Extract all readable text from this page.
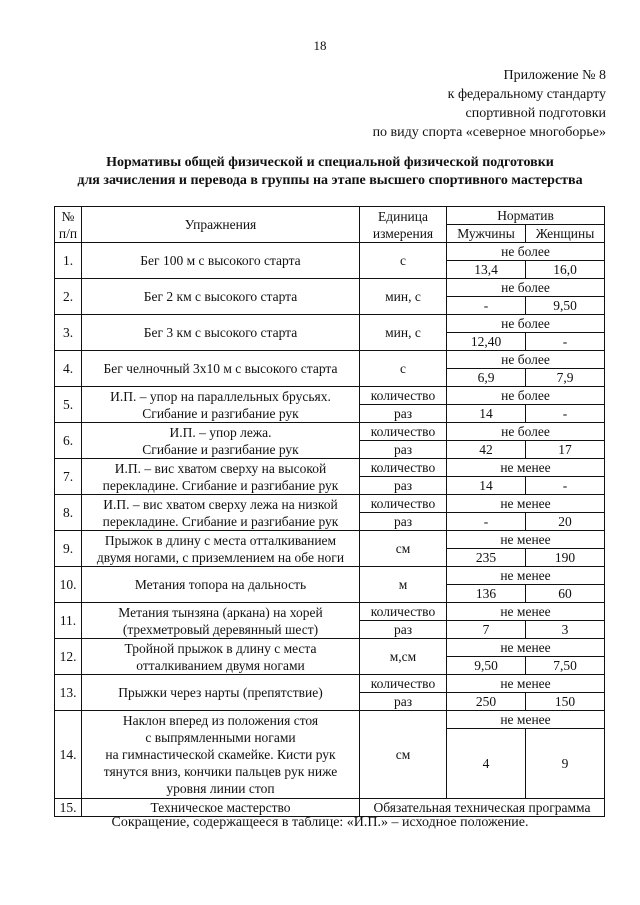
18
Приложение № 8
к федеральному стандарту
спортивной подготовки
по виду спорта «северное многоборье»
Нормативы общей физической и специальной физической подготовки
для зачисления и перевода в группы на этапе высшего спортивного мастерства
№
п/п	Упражнения	Единица
измерения	Норматив	
			Мужчины	Женщины
1.	Бег 100 м с высокого старта	с	не более	
			13,4	16,0
2.	Бег 2 км с высокого старта	мин, с	не более	
			-	9,50
3.	Бег 3 км с высокого старта	мин, с	не более	
			12,40	-
4.	Бег челночный 3х10 м с высокого старта	с	не более	
			6,9	7,9
5.	И.П. – упор на параллельных брусьях.
Сгибание и разгибание рук	количество	не более	
		раз	14	-
6.	И.П. – упор лежа.
Сгибание и разгибание рук	количество	не более	
		раз	42	17
7.	И.П. – вис хватом сверху на высокой
перекладине. Сгибание и разгибание рук	количество	не менее	
		раз	14	-
8.	И.П. – вис хватом сверху лежа на низкой
перекладине. Сгибание и разгибание рук	количество	не менее	
		раз	-	20
9.	Прыжок в длину с места отталкиванием
двумя ногами, с приземлением на обе ноги	см	не менее	
			235	190
10.	Метания топора на дальность	м	не менее	
			136	60
11.	Метания тынзяна (аркана) на хорей
(трехметровый деревянный шест)	количество	не менее	
		раз	7	3
12.	Тройной прыжок в длину с места
отталкиванием двумя ногами	м,см	не менее	
			9,50	7,50
13.	Прыжки через нарты (препятствие)	количество	не менее	
		раз	250	150
14.	Наклон вперед из положения стоя
с выпрямленными ногами
на гимнастической скамейке. Кисти рук
тянутся вниз, кончики пальцев рук ниже
уровня линии стоп	см	не менее	
			4	9
15.	Техническое мастерство	Обязательная техническая программа		
Сокращение, содержащееся в таблице: «И.П.» – исходное положение.
